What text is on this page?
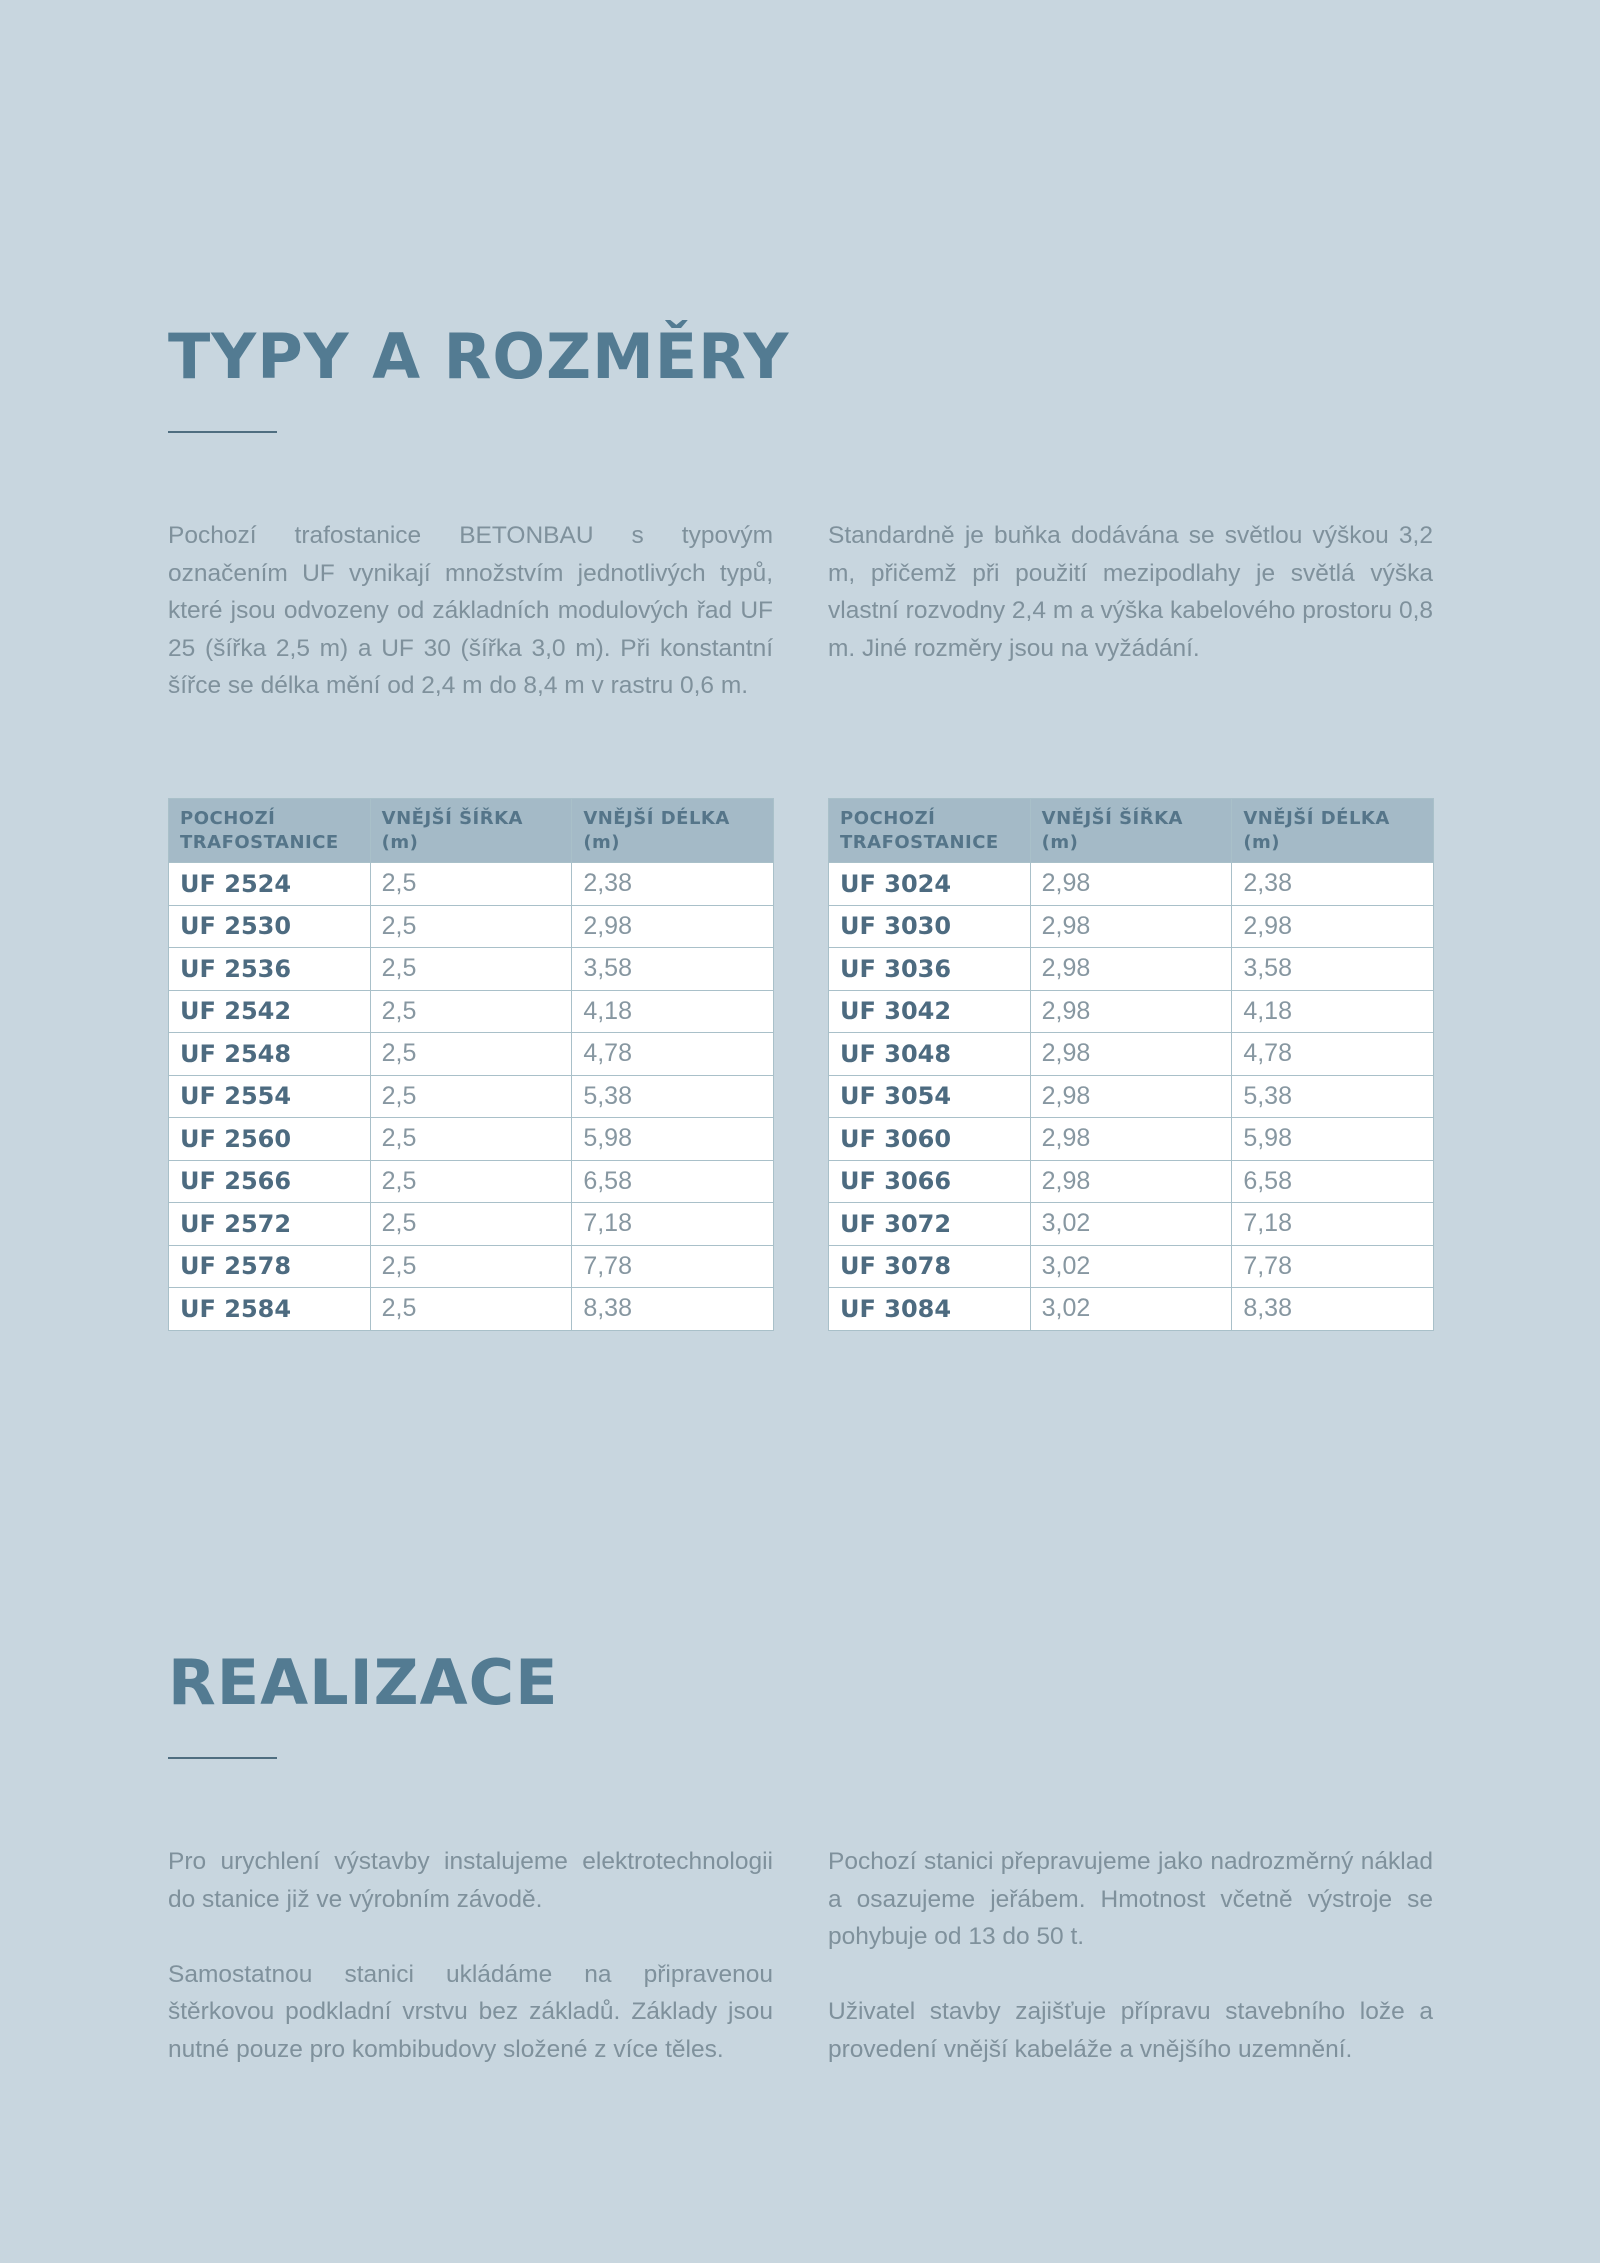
TYPY A ROZMĚRY

Pochozí trafostanice BETONBAU s typovým označením UF vynikají množstvím jednotlivých typů, které jsou odvozeny od základních modulových řad UF 25 (šířka 2,5 m) a UF 30 (šířka 3,0 m). Při konstantní šířce se délka mění od 2,4 m do 8,4 m v rastru 0,6 m.

Standardně je buňka dodávána se světlou výškou 3,2 m, přičemž při použití mezipodlahy je světlá výška vlastní rozvodny 2,4 m a výška kabelového prostoru 0,8 m. Jiné rozměry jsou na vyžádání.

POCHOZÍ TRAFOSTANICE	VNĚJŠÍ ŠÍŘKA (m)	VNĚJŠÍ DÉLKA (m)
UF 2524	2,5	2,38
UF 2530	2,5	2,98
UF 2536	2,5	3,58
UF 2542	2,5	4,18
UF 2548	2,5	4,78
UF 2554	2,5	5,38
UF 2560	2,5	5,98
UF 2566	2,5	6,58
UF 2572	2,5	7,18
UF 2578	2,5	7,78
UF 2584	2,5	8,38
POCHOZÍ TRAFOSTANICE	VNĚJŠÍ ŠÍŘKA (m)	VNĚJŠÍ DÉLKA (m)
UF 3024	2,98	2,38
UF 3030	2,98	2,98
UF 3036	2,98	3,58
UF 3042	2,98	4,18
UF 3048	2,98	4,78
UF 3054	2,98	5,38
UF 3060	2,98	5,98
UF 3066	2,98	6,58
UF 3072	3,02	7,18
UF 3078	3,02	7,78
UF 3084	3,02	8,38
REALIZACE

Pro urychlení výstavby instalujeme elektrotechnologii do stanice již ve výrobním závodě.

Samostatnou stanici ukládáme na připravenou štěrkovou podkladní vrstvu bez základů. Základy jsou nutné pouze pro kombibudovy složené z více těles.

Pochozí stanici přepravujeme jako nadrozměrný náklad a osazujeme jeřábem. Hmotnost včetně výstroje se pohybuje od 13 do 50 t.

Uživatel stavby zajišťuje přípravu stavebního lože a provedení vnější kabeláže a vnějšího uzemnění.
